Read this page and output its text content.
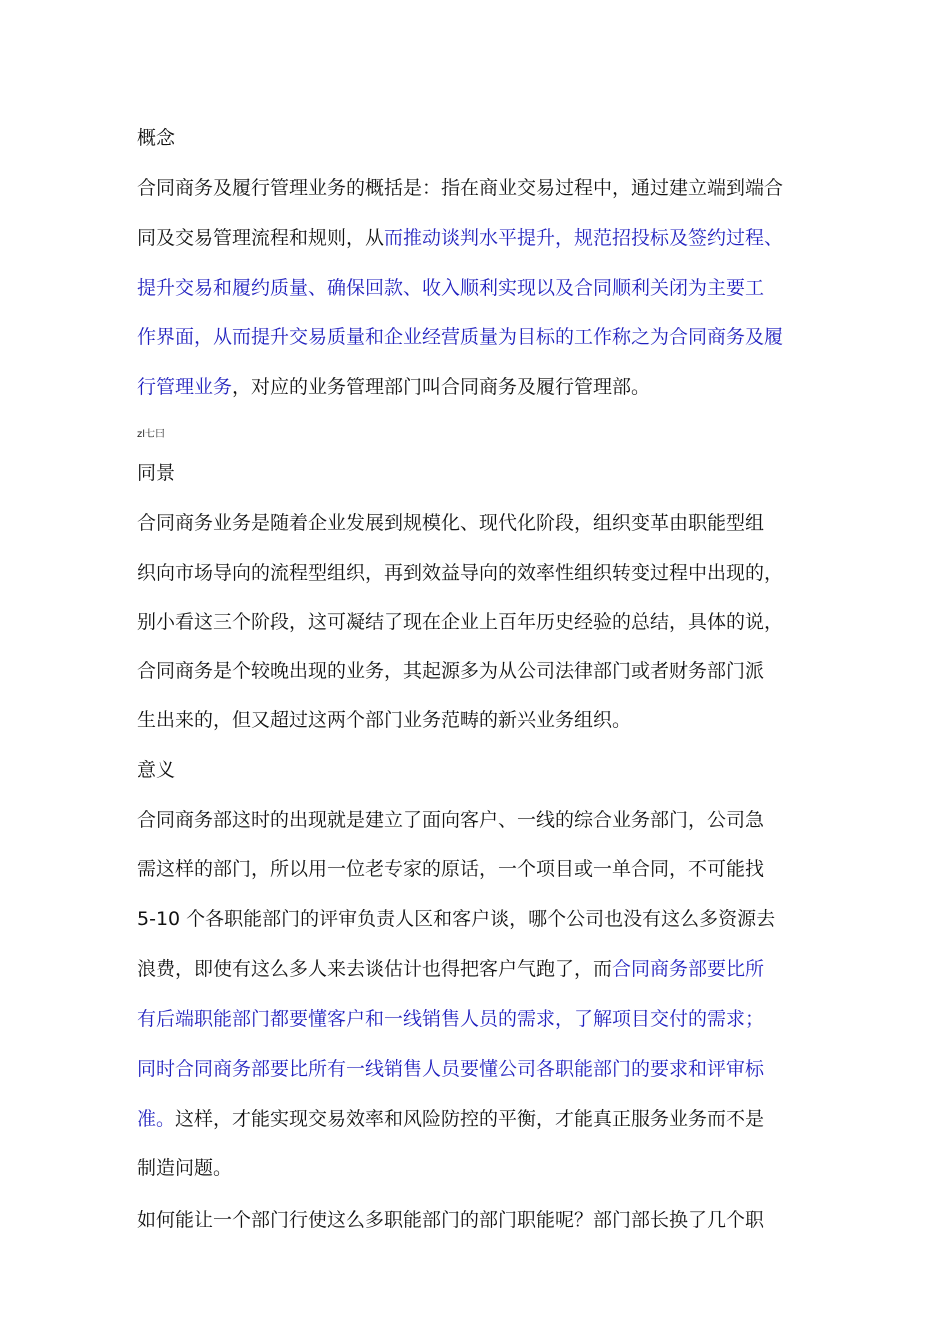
概念

合同商务及履行管理业务的概括是：指在商业交易过程中，通过建立端到端合

同及交易管理流程和规则，从而推动谈判水平提升，规范招投标及签约过程、

提升交易和履约质量、确保回款、收入顺利实现以及合同顺利关闭为主要工

作界面，从而提升交易质量和企业经营质量为目标的工作称之为合同商务及履

行管理业务，对应的业务管理部门叫合同商务及履行管理部。

zl七曰

同景

合同商务业务是随着企业发展到规模化、现代化阶段，组织变革由职能型组

织向市场导向的流程型组织，再到效益导向的效率性组织转变过程中出现的，

别小看这三个阶段，这可凝结了现在企业上百年历史经验的总结，具体的说，

合同商务是个较晚出现的业务，其起源多为从公司法律部门或者财务部门派

生出来的，但又超过这两个部门业务范畴的新兴业务组织。

意义

合同商务部这时的出现就是建立了面向客户、一线的综合业务部门，公司急

需这样的部门，所以用一位老专家的原话，一个项目或一单合同，不可能找

5-10 个各职能部门的评审负责人区和客户谈，哪个公司也没有这么多资源去

浪费，即使有这么多人来去谈估计也得把客户气跑了，而合同商务部要比所

有后端职能部门都要懂客户和一线销售人员的需求，了解项目交付的需求；

同时合同商务部要比所有一线销售人员要懂公司各职能部门的要求和评审标

准。这样，才能实现交易效率和风险防控的平衡，才能真正服务业务而不是

制造问题。

如何能让一个部门行使这么多职能部门的部门职能呢？部门部长换了几个职
